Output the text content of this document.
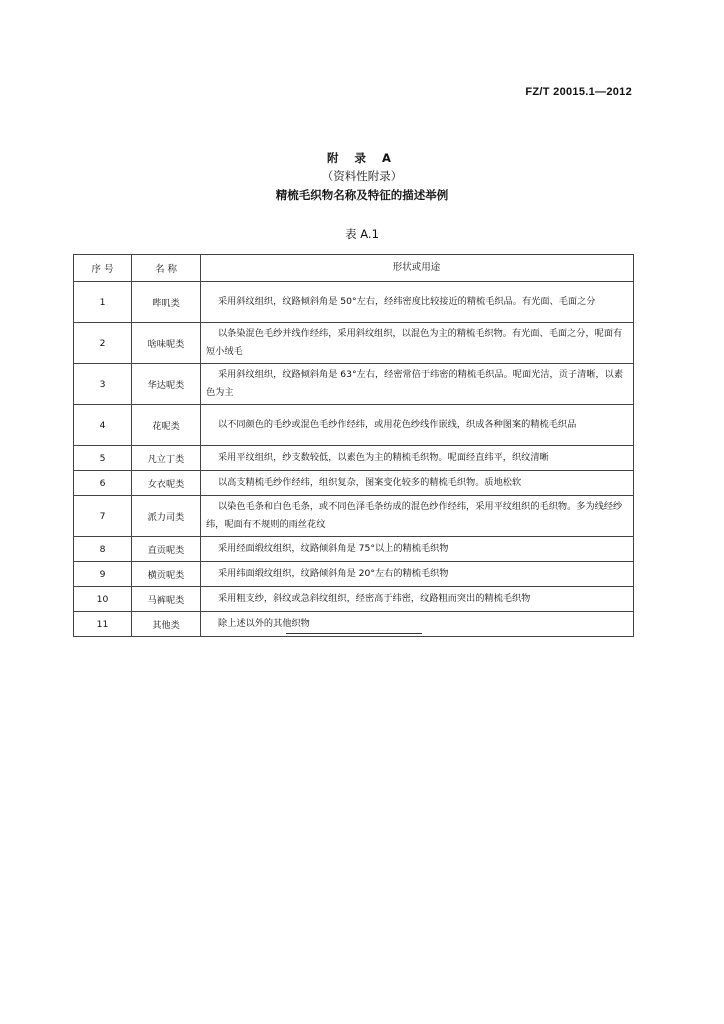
FZ/T 20015.1—2012
附 录 A
（资料性附录）
精梳毛织物名称及特征的描述举例
表 A.1
序 号	名 称	形状或用途
1	哔叽类	采用斜纹组织，纹路倾斜角是 50°左右，经纬密度比较接近的精梳毛织品。有光面、毛面之分

2	啥味呢类	以条染混色毛纱并线作经纬，采用斜纹组织，以混色为主的精梳毛织物。有光面、毛面之分，呢面有短小绒毛

3	华达呢类	采用斜纹组织，纹路倾斜角是 63°左右，经密常倍于纬密的精梳毛织品。呢面光洁，贡子清晰，以素色为主

4	花呢类	以不同颜色的毛纱或混色毛纱作经纬，或用花色纱线作嵌线，织成各种图案的精梳毛织品

5	凡立丁类	采用平纹组织，纱支数较低，以素色为主的精梳毛织物。呢面经直纬平，织纹清晰

6	女衣呢类	以高支精梳毛纱作经纬，组织复杂，图案变化较多的精梳毛织物。质地松软

7	派力司类	以染色毛条和白色毛条，或不同色泽毛条纺成的混色纱作经纬，采用平纹组织的毛织物。多为线经纱纬，呢面有不规则的雨丝花纹

8	直贡呢类	采用经面缎纹组织，纹路倾斜角是 75°以上的精梳毛织物

9	横贡呢类	采用纬面缎纹组织，纹路倾斜角是 20°左右的精梳毛织物

10	马裤呢类	采用粗支纱，斜纹或急斜纹组织，经密高于纬密，纹路粗而突出的精梳毛织物

11	其他类	除上述以外的其他织物
